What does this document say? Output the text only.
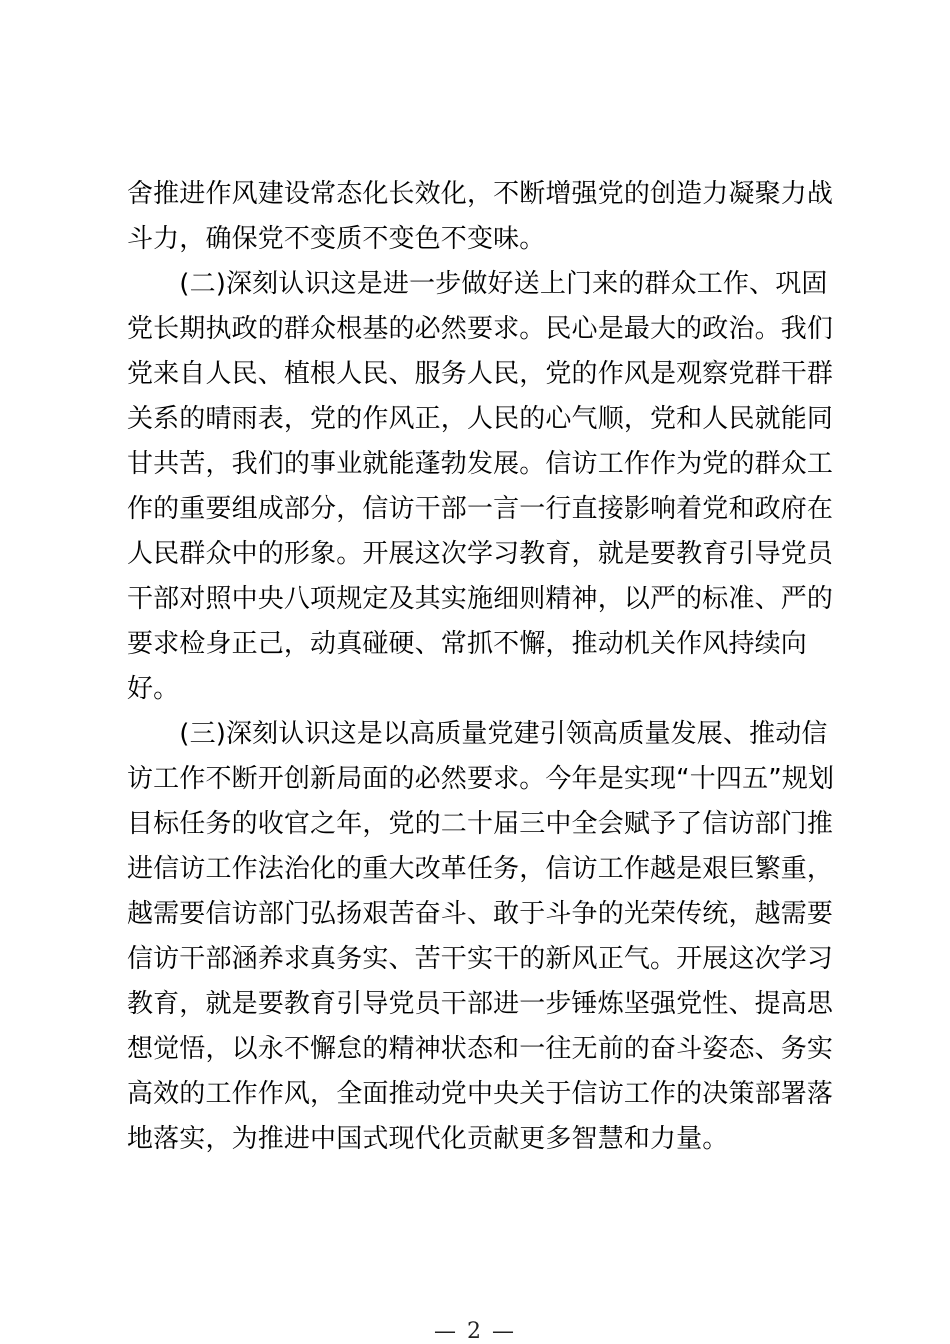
舍推进作风建设常态化长效化，不断增强党的创造力凝聚力战
斗力，确保党不变质不变色不变味。
　　(二)深刻认识这是进一步做好送上门来的群众工作、巩固
党长期执政的群众根基的必然要求。民心是最大的政治。我们
党来自人民、植根人民、服务人民，党的作风是观察党群干群
关系的晴雨表，党的作风正，人民的心气顺，党和人民就能同
甘共苦，我们的事业就能蓬勃发展。信访工作作为党的群众工
作的重要组成部分，信访干部一言一行直接影响着党和政府在
人民群众中的形象。开展这次学习教育，就是要教育引导党员
干部对照中央八项规定及其实施细则精神，以严的标准、严的
要求检身正己，动真碰硬、常抓不懈，推动机关作风持续向
好。
　　(三)深刻认识这是以高质量党建引领高质量发展、推动信
访工作不断开创新局面的必然要求。今年是实现“十四五”规划
目标任务的收官之年，党的二十届三中全会赋予了信访部门推
进信访工作法治化的重大改革任务，信访工作越是艰巨繁重，
越需要信访部门弘扬艰苦奋斗、敢于斗争的光荣传统，越需要
信访干部涵养求真务实、苦干实干的新风正气。开展这次学习
教育，就是要教育引导党员干部进一步锤炼坚强党性、提高思
想觉悟，以永不懈怠的精神状态和一往无前的奋斗姿态、务实
高效的工作作风，全面推动党中央关于信访工作的决策部署落
地落实，为推进中国式现代化贡献更多智慧和力量。
— 2 —
